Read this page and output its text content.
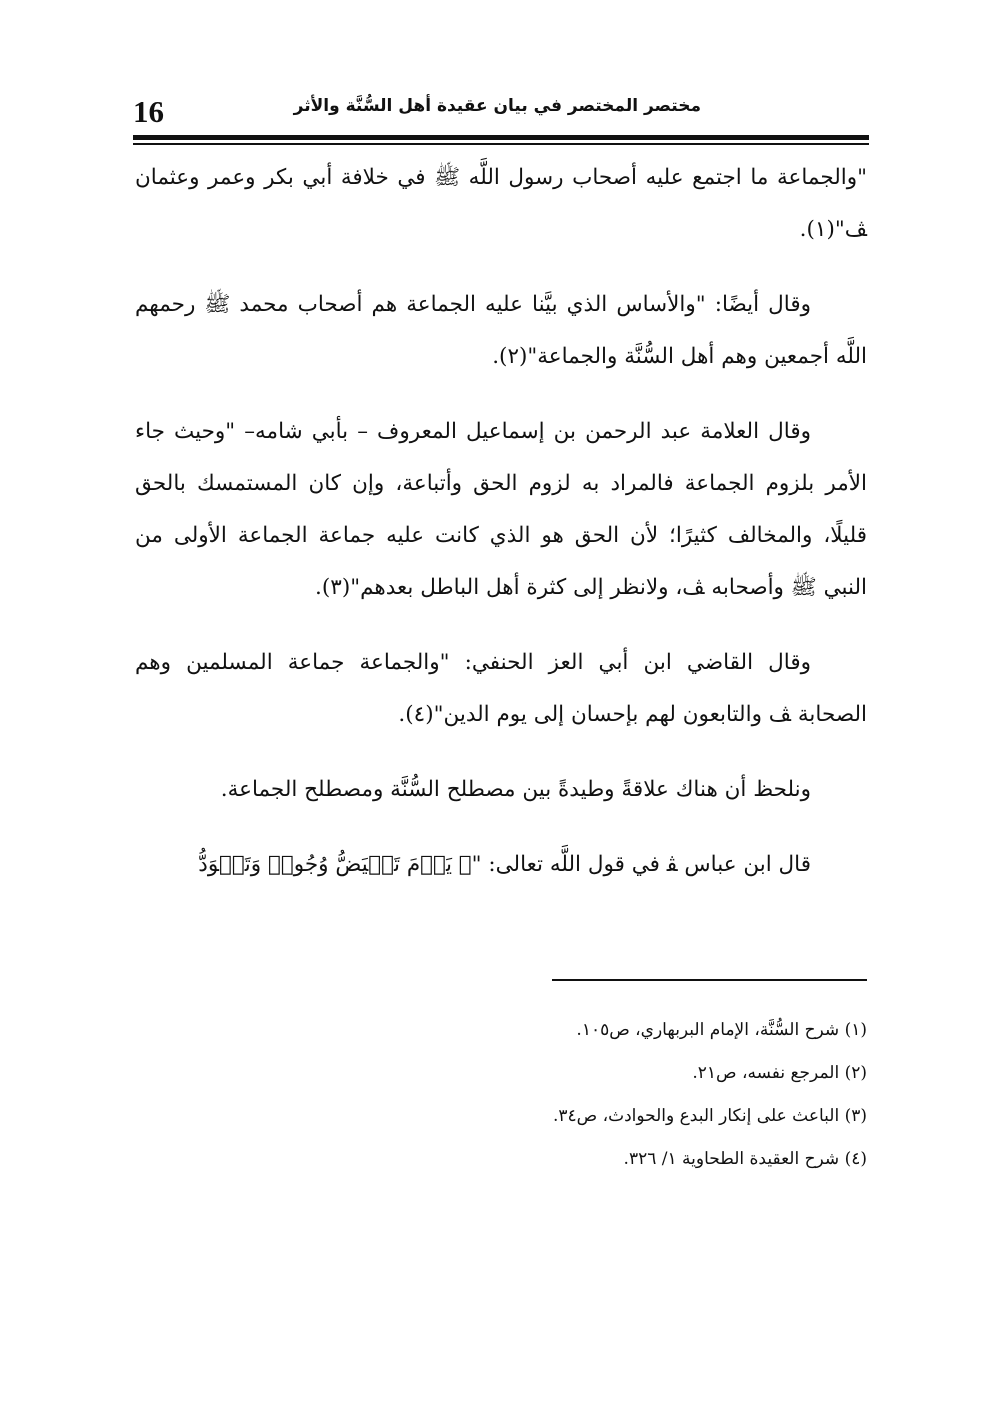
16	مختصر المختصر في بيان عقيدة أهل السُّنَّة والأثر

"والجماعة ما اجتمع عليه أصحاب رسول اللَّه ﷺ في خلافة أبي بكر وعمر وعثمان ﭫ"(١).

وقال أيضًا: "والأساس الذي بيَّنا عليه الجماعة هم أصحاب محمد ﷺ رحمهم اللَّه أجمعين وهم أهل السُّنَّة والجماعة"(٢).

وقال العلامة عبد الرحمن بن إسماعيل المعروف – بأبي شامه– "وحيث جاء الأمر بلزوم الجماعة فالمراد به لزوم الحق وأتباعة، وإن كان المستمسك بالحق قليلًا، والمخالف كثيرًا؛ لأن الحق هو الذي كانت عليه جماعة الجماعة الأولى من النبي ﷺ وأصحابه ﭫ، ولانظر إلى كثرة أهل الباطل بعدهم"(٣).

وقال القاضي ابن أبي العز الحنفي: "والجماعة جماعة المسلمين وهم الصحابة ﭫ والتابعون لهم بإحسان إلى يوم الدين"(٤).

ونلحظ أن هناك علاقةً وطيدةً بين مصطلح السُّنَّة ومصطلح الجماعة.

قال ابن عباس ﭭ في قول اللَّه تعالى: "﴿ يَوۡمَ تَبۡيَضُّ وُجُوهٞ وَتَسۡوَدُّ

(١) شرح السُّنَّة، الإمام البربهاري، ص١٠٥.

(٢) المرجع نفسه، ص٢١.

(٣) الباعث على إنكار البدع والحوادث، ص٣٤.

(٤) شرح العقيدة الطحاوية ١/ ٣٢٦.
